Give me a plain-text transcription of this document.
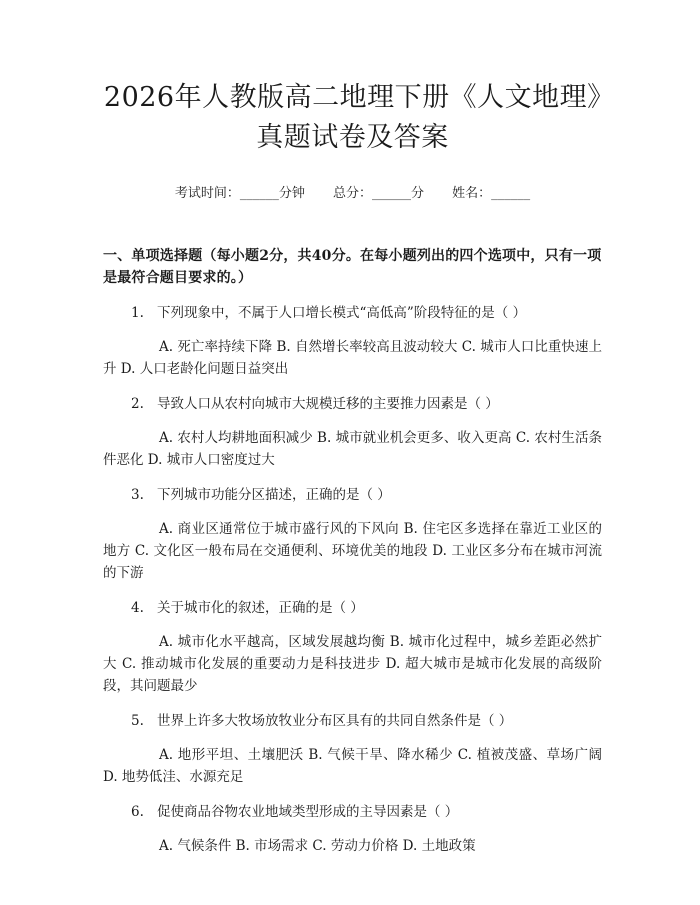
2026年人教版高二地理下册《人文地理》真题试卷及答案
考试时间：______分钟 总分：______分 姓名：______
一、单项选择题（每小题2分，共40分。在每小题列出的四个选项中，只有一项是最符合题目要求的。）
1. 下列现象中，不属于人口增长模式“高低高”阶段特征的是（ ）
A. 死亡率持续下降 B. 自然增长率较高且波动较大 C. 城市人口比重快速上升 D. 人口老龄化问题日益突出
2. 导致人口从农村向城市大规模迁移的主要推力因素是（ ）
A. 农村人均耕地面积减少 B. 城市就业机会更多、收入更高 C. 农村生活条件恶化 D. 城市人口密度过大
3. 下列城市功能分区描述，正确的是（ ）
A. 商业区通常位于城市盛行风的下风向 B. 住宅区多选择在靠近工业区的地方 C. 文化区一般布局在交通便利、环境优美的地段 D. 工业区多分布在城市河流的下游
4. 关于城市化的叙述，正确的是（ ）
A. 城市化水平越高，区域发展越均衡 B. 城市化过程中，城乡差距必然扩大 C. 推动城市化发展的重要动力是科技进步 D. 超大城市是城市化发展的高级阶段，其问题最少
5. 世界上许多大牧场放牧业分布区具有的共同自然条件是（ ）
A. 地形平坦、土壤肥沃 B. 气候干旱、降水稀少 C. 植被茂盛、草场广阔 D. 地势低洼、水源充足
6. 促使商品谷物农业地域类型形成的主导因素是（ ）
A. 气候条件 B. 市场需求 C. 劳动力价格 D. 土地政策
